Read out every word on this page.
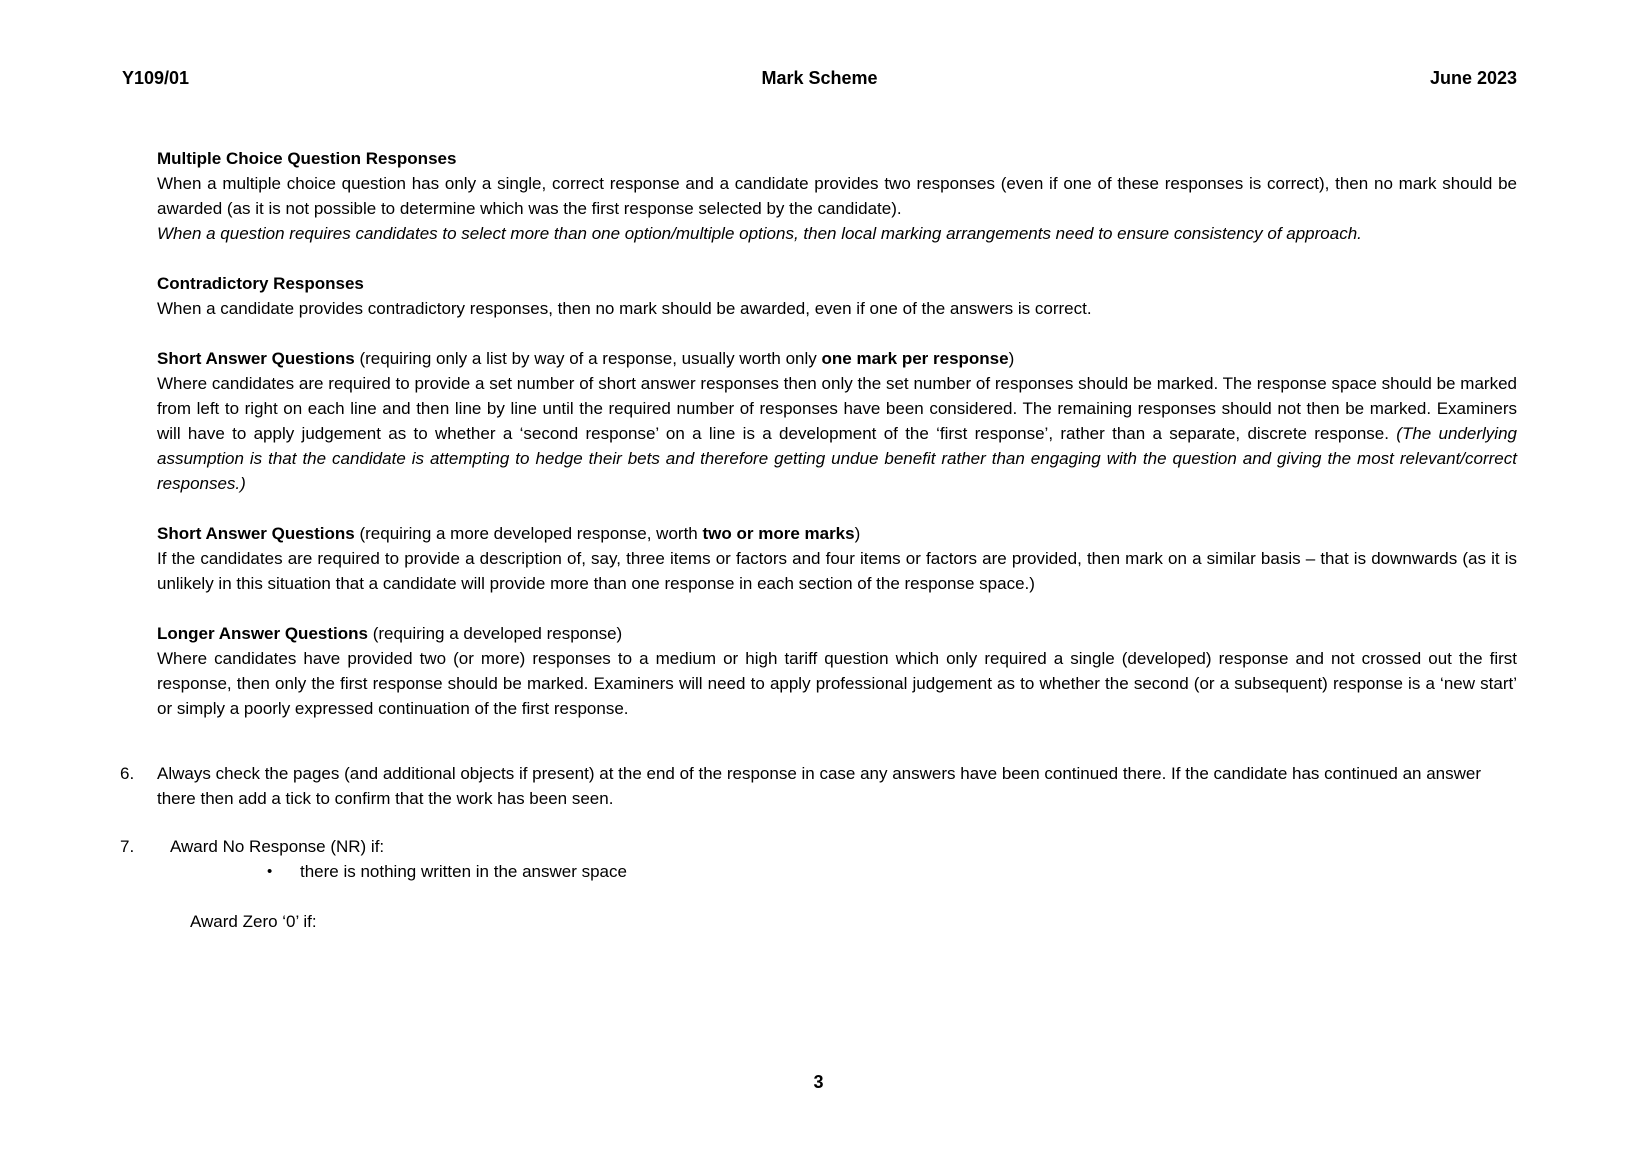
Y109/01	Mark Scheme	June 2023
Multiple Choice Question Responses
When a multiple choice question has only a single, correct response and a candidate provides two responses (even if one of these responses is correct), then no mark should be awarded (as it is not possible to determine which was the first response selected by the candidate).
When a question requires candidates to select more than one option/multiple options, then local marking arrangements need to ensure consistency of approach.
Contradictory Responses
When a candidate provides contradictory responses, then no mark should be awarded, even if one of the answers is correct.
Short Answer Questions (requiring only a list by way of a response, usually worth only one mark per response)
Where candidates are required to provide a set number of short answer responses then only the set number of responses should be marked. The response space should be marked from left to right on each line and then line by line until the required number of responses have been considered. The remaining responses should not then be marked. Examiners will have to apply judgement as to whether a ‘second response’ on a line is a development of the ‘first response’, rather than a separate, discrete response. (The underlying assumption is that the candidate is attempting to hedge their bets and therefore getting undue benefit rather than engaging with the question and giving the most relevant/correct responses.)
Short Answer Questions (requiring a more developed response, worth two or more marks)
If the candidates are required to provide a description of, say, three items or factors and four items or factors are provided, then mark on a similar basis – that is downwards (as it is unlikely in this situation that a candidate will provide more than one response in each section of the response space.)
Longer Answer Questions (requiring a developed response)
Where candidates have provided two (or more) responses to a medium or high tariff question which only required a single (developed) response and not crossed out the first response, then only the first response should be marked. Examiners will need to apply professional judgement as to whether the second (or a subsequent) response is a ‘new start’ or simply a poorly expressed continuation of the first response.
6.	Always check the pages (and additional objects if present) at the end of the response in case any answers have been continued there. If the candidate has continued an answer there then add a tick to confirm that the work has been seen.
7.	Award No Response (NR) if:
•	there is nothing written in the answer space
Award Zero ‘0’ if:
3
